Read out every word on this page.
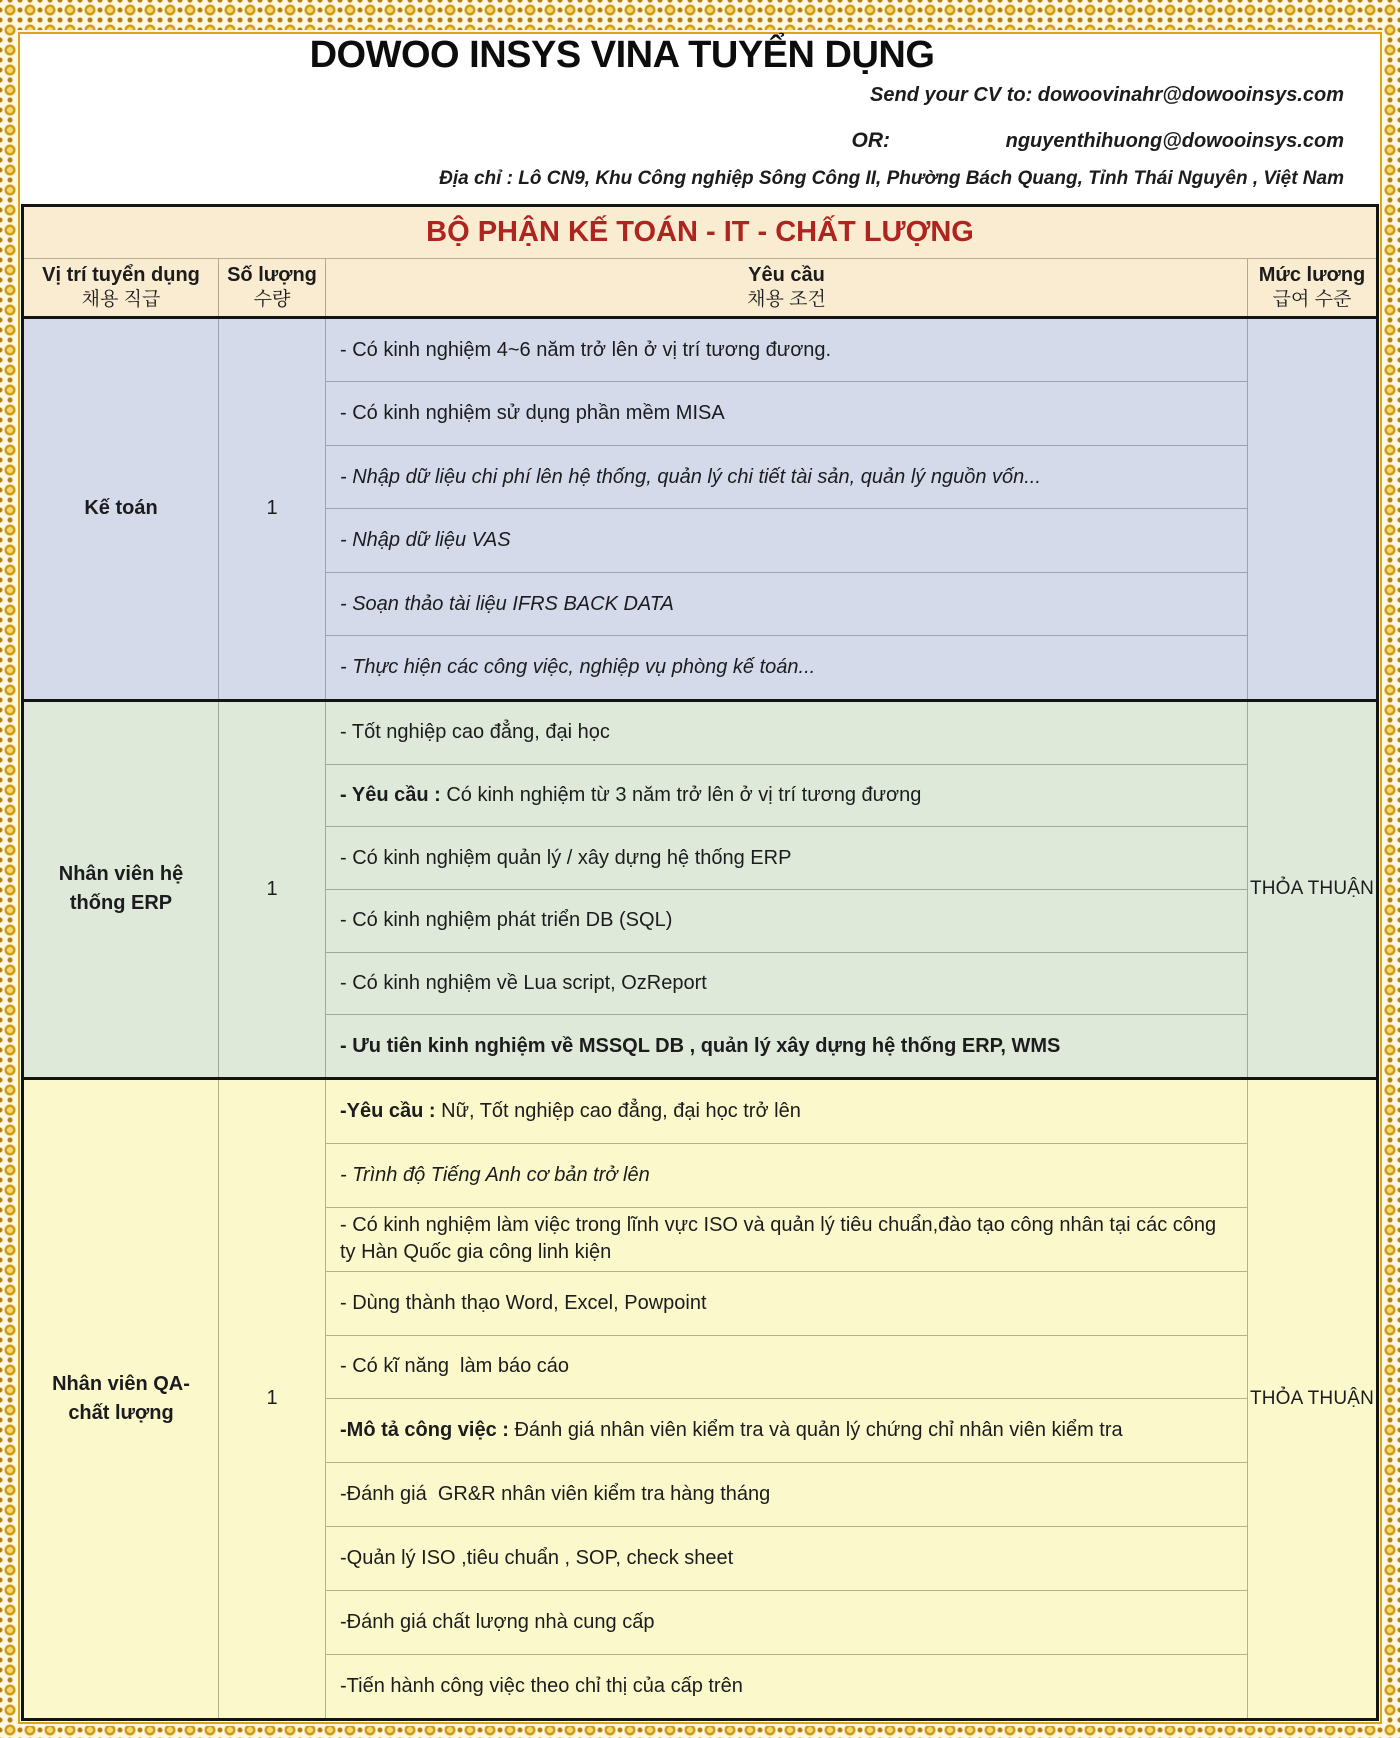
DOWOO INSYS VINA TUYỂN DỤNG
Send your CV to: dowoovinahr@dowooinsys.com
OR:	nguyenthihuong@dowooinsys.com
Địa chỉ : Lô CN9, Khu Công nghiệp Sông Công II, Phường Bách Quang, Tỉnh Thái Nguyên , Việt Nam
BỘ PHẬN KẾ TOÁN - IT - CHẤT LƯỢNG
Vị trí tuyển dụng
채용 직급
Số lượng
수량
Yêu cầu
채용 조건
Mức lương
급여 수준
Kế toán	1

- Có kinh nghiệm 4~6 năm trở lên ở vị trí tương đương.

- Có kinh nghiệm sử dụng phần mềm MISA

- Nhập dữ liệu chi phí lên hệ thống, quản lý chi tiết tài sản, quản lý nguồn vốn...

- Nhập dữ liệu VAS

- Soạn thảo tài liệu IFRS BACK DATA

- Thực hiện các công việc, nghiệp vụ phòng kế toán...

Nhân viên hệ thống ERP
1

- Tốt nghiệp cao đẳng, đại học

- Yêu cầu : Có kinh nghiệm từ 3 năm trở lên ở vị trí tương đương

- Có kinh nghiệm quản lý / xây dựng hệ thống ERP

- Có kinh nghiệm phát triển DB (SQL)

- Có kinh nghiệm về Lua script, OzReport

- Ưu tiên kinh nghiệm về MSSQL DB , quản lý xây dựng hệ thống ERP, WMS

THỎA THUẬN
Nhân viên QA- chất lượng
1

-Yêu cầu : Nữ, Tốt nghiệp cao đẳng, đại học trở lên

- Trình độ Tiếng Anh cơ bản trở lên

- Có kinh nghiệm làm việc trong lĩnh vực ISO và quản lý tiêu chuẩn,đào tạo công nhân tại các công ty Hàn Quốc gia công linh kiện

- Dùng thành thạo Word, Excel, Powpoint

- Có kĩ năng  làm báo cáo

-Mô tả công việc : Đánh giá nhân viên kiểm tra và quản lý chứng chỉ nhân viên kiểm tra

-Đánh giá  GR&R nhân viên kiểm tra hàng tháng

-Quản lý ISO ,tiêu chuẩn , SOP, check sheet

-Đánh giá chất lượng nhà cung cấp

-Tiến hành công việc theo chỉ thị của cấp trên

THỎA THUẬN
